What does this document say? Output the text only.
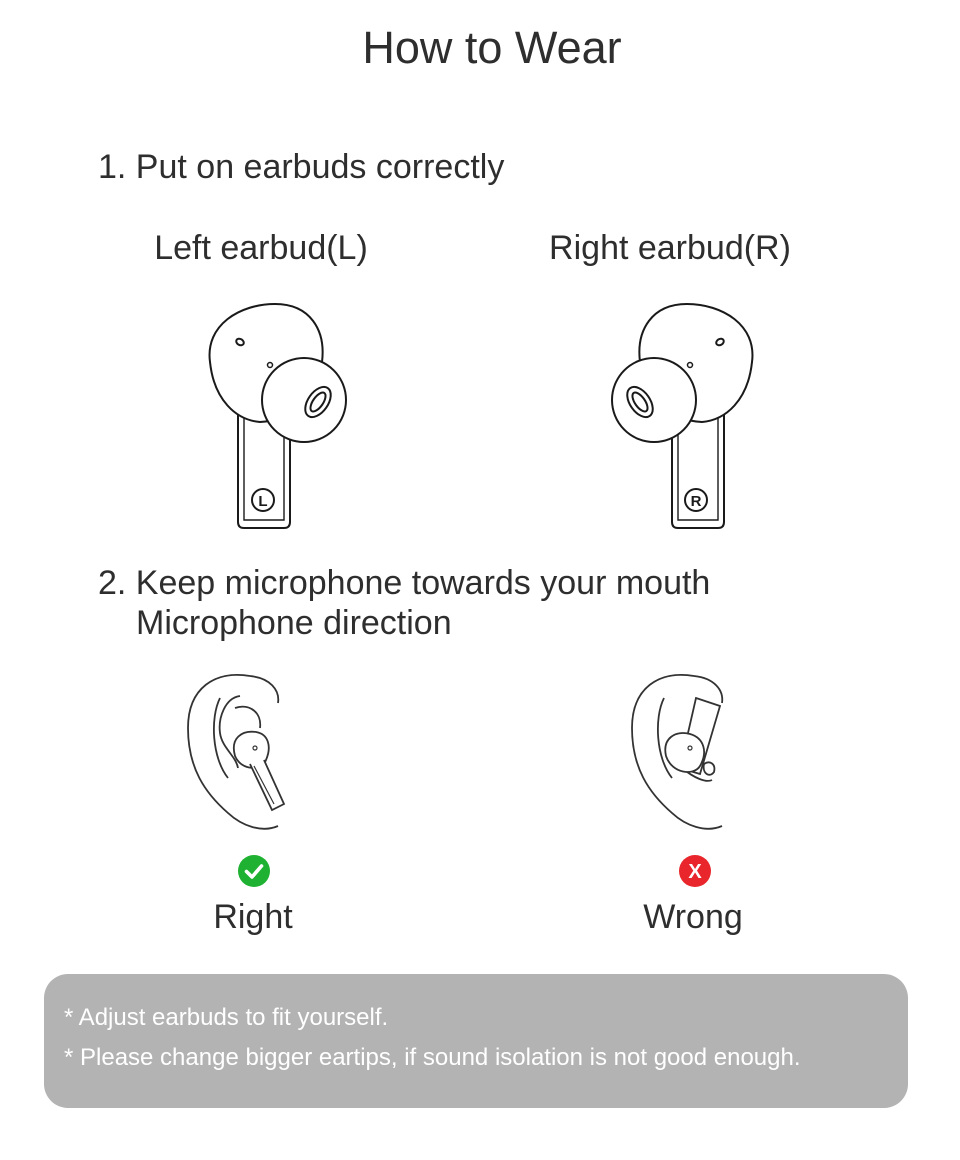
How to Wear
1. Put on earbuds correctly
Left earbud(L)	Right earbud(R)
L	R
2. Keep microphone towards your mouth
Microphone direction
X
Right	Wrong
* Adjust earbuds to fit yourself.
* Please change bigger eartips, if sound isolation is not good enough.
